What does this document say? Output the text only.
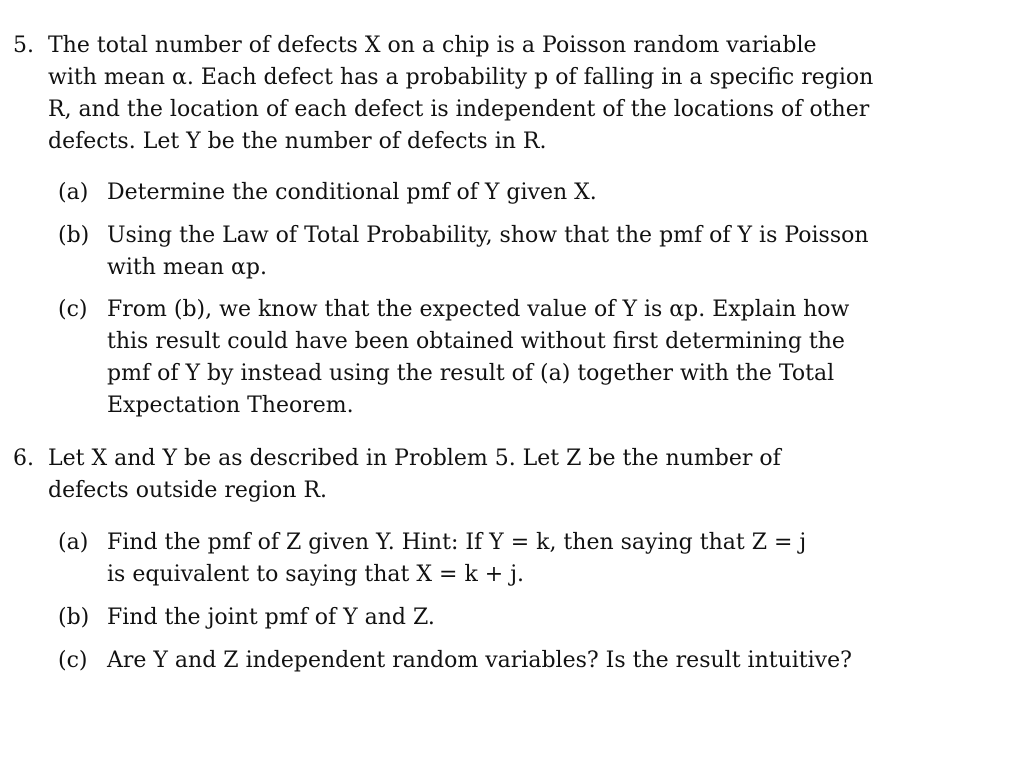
5. The total number of defects X on a chip is a Poisson random variable
with mean α. Each defect has a probability p of falling in a specific region
R, and the location of each defect is independent of the locations of other
defects. Let Y be the number of defects in R.
(a) Determine the conditional pmf of Y given X.
(b) Using the Law of Total Probability, show that the pmf of Y is Poisson
with mean αp.
(c) From (b), we know that the expected value of Y is αp. Explain how
this result could have been obtained without first determining the
pmf of Y by instead using the result of (a) together with the Total
Expectation Theorem.
6. Let X and Y be as described in Problem 5. Let Z be the number of
defects outside region R.
(a) Find the pmf of Z given Y. Hint: If Y = k, then saying that Z = j
is equivalent to saying that X = k + j.
(b) Find the joint pmf of Y and Z.
(c) Are Y and Z independent random variables? Is the result intuitive?
